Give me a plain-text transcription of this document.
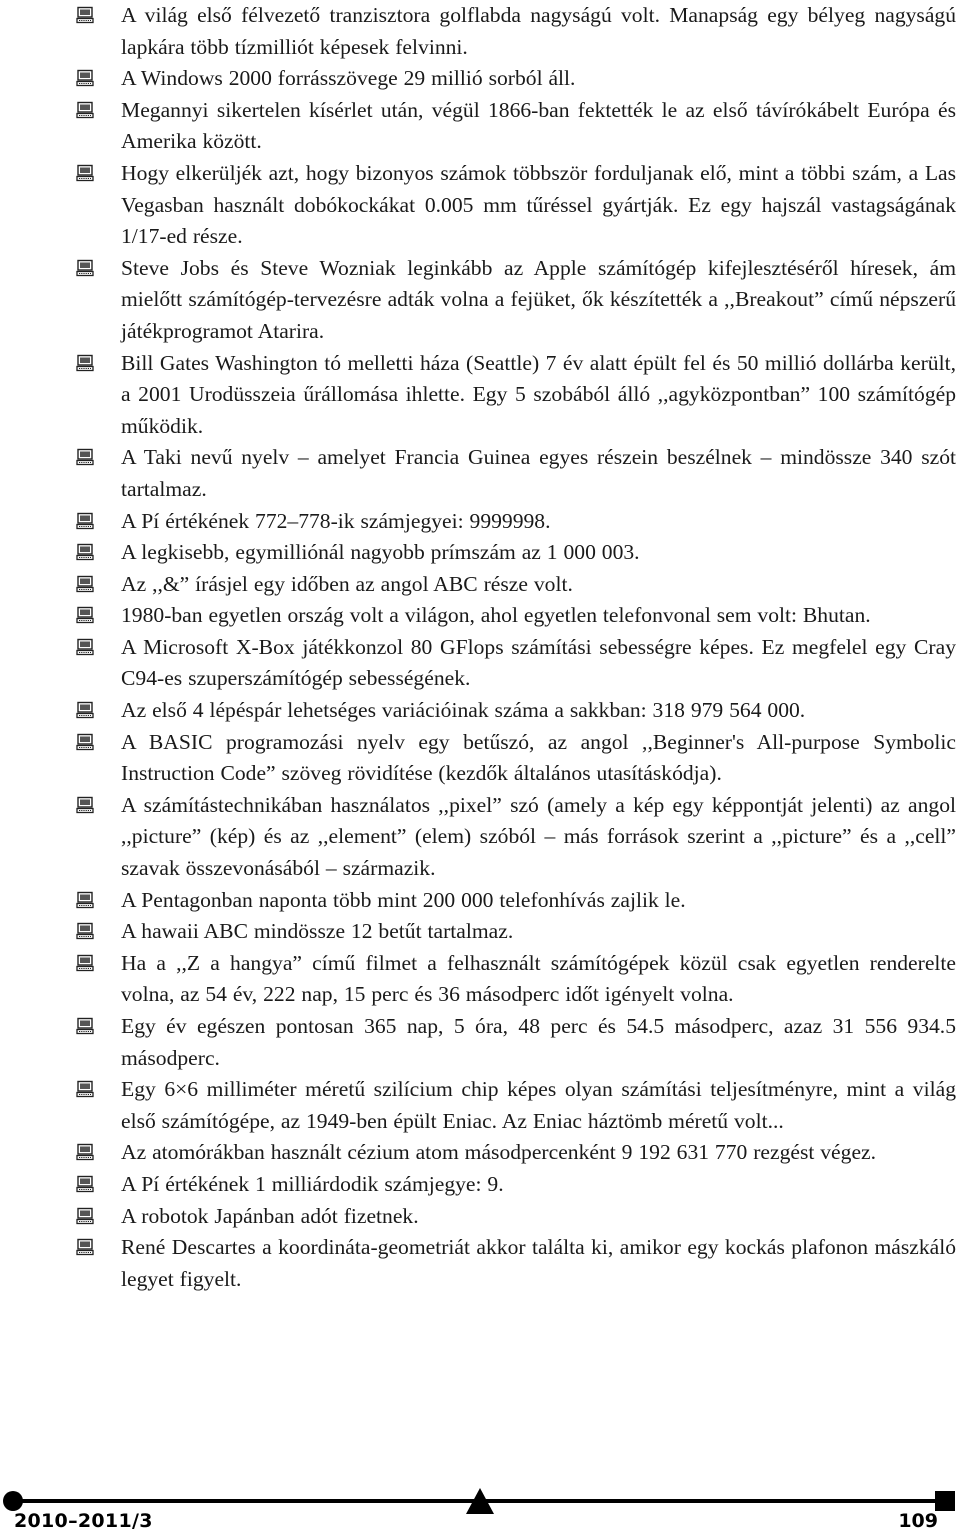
A világ első félvezető tranzisztora golflabda nagyságú volt. Manapság egy bélyeg nagyságú lapkára több tízmilliót képesek felvinni.
A Windows 2000 forrásszövege 29 millió sorból áll.
Megannyi sikertelen kísérlet után, végül 1866-ban fektették le az első távírókábelt Európa és Amerika között.
Hogy elkerüljék azt, hogy bizonyos számok többször forduljanak elő, mint a többi szám, a Las Vegasban használt dobókockákat 0.005 mm tűréssel gyártják. Ez egy hajszál vastagságának 1/17-ed része.
Steve Jobs és Steve Wozniak leginkább az Apple számítógép kifejlesztéséről híresek, ám mielőtt számítógép-tervezésre adták volna a fejüket, ők készítették a ,,Breakout” című népszerű játékprogramot Atarira.
Bill Gates Washington tó melletti háza (Seattle) 7 év alatt épült fel és 50 millió dollárba került, a 2001 Urodüsszeia űrállomása ihlette. Egy 5 szobából álló ,,agyközpontban” 100 számítógép működik.
A Taki nevű nyelv – amelyet Francia Guinea egyes részein beszélnek – mindössze 340 szót tartalmaz.
A Pí értékének 772–778-ik számjegyei: 9999998.
A legkisebb, egymilliónál nagyobb prímszám az 1 000 003.
Az ,,&” írásjel egy időben az angol ABC része volt.
1980-ban egyetlen ország volt a világon, ahol egyetlen telefonvonal sem volt: Bhutan.
A Microsoft X-Box játékkonzol 80 GFlops számítási sebességre képes. Ez megfelel egy Cray C94-es szuperszámítógép sebességének.
Az első 4 lépéspár lehetséges variációinak száma a sakkban: 318 979 564 000.
A BASIC programozási nyelv egy betűszó, az angol ,,Beginner's All-purpose Symbolic Instruction Code” szöveg rövidítése (kezdők általános utasításkódja).
A számítástechnikában használatos ,,pixel” szó (amely a kép egy képpontját jelenti) az angol ,,picture” (kép) és az ,,element” (elem) szóból – más források szerint a ,,picture” és a ,,cell” szavak összevonásából – származik.
A Pentagonban naponta több mint 200 000 telefonhívás zajlik le.
A hawaii ABC mindössze 12 betűt tartalmaz.
Ha a ,,Z a hangya” című filmet a felhasznált számítógépek közül csak egyetlen renderelte volna, az 54 év, 222 nap, 15 perc és 36 másodperc időt igényelt volna.
Egy év egészen pontosan 365 nap, 5 óra, 48 perc és 54.5 másodperc, azaz 31 556 934.5 másodperc.
Egy 6×6 milliméter méretű szilícium chip képes olyan számítási teljesítményre, mint a világ első számítógépe, az 1949-ben épült Eniac. Az Eniac háztömb méretű volt...
Az atomórákban használt cézium atom másodpercenként 9 192 631 770 rezgést végez.
A Pí értékének 1 milliárdodik számjegye: 9.
A robotok Japánban adót fizetnek.
René Descartes a koordináta-geometriát akkor találta ki, amikor egy kockás plafonon mászkáló legyet figyelt.
2010–2011/3	109
